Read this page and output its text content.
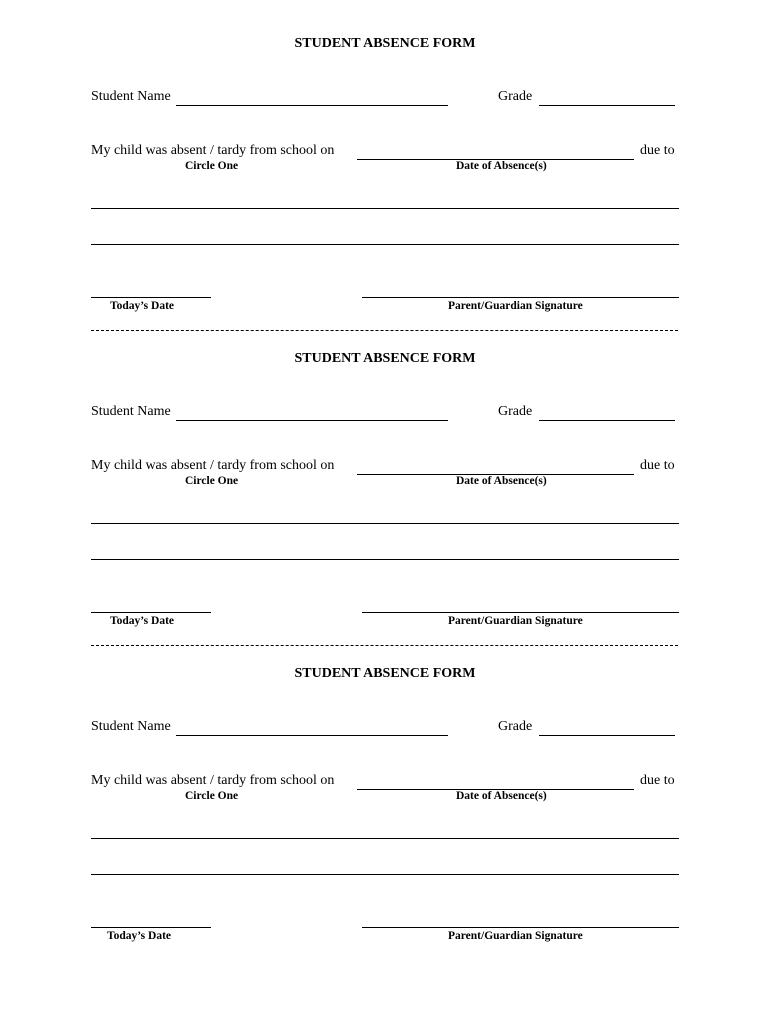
STUDENT ABSENCE FORM
Student Name	Grade
My child was absent / tardy from school on	due to
Circle One	Date of Absence(s)
Today’s Date	Parent/Guardian Signature
STUDENT ABSENCE FORM
Student Name	Grade
My child was absent / tardy from school on	due to
Circle One	Date of Absence(s)
Today’s Date	Parent/Guardian Signature
STUDENT ABSENCE FORM
Student Name	Grade
My child was absent / tardy from school on	due to
Circle One	Date of Absence(s)
Today’s Date	Parent/Guardian Signature
